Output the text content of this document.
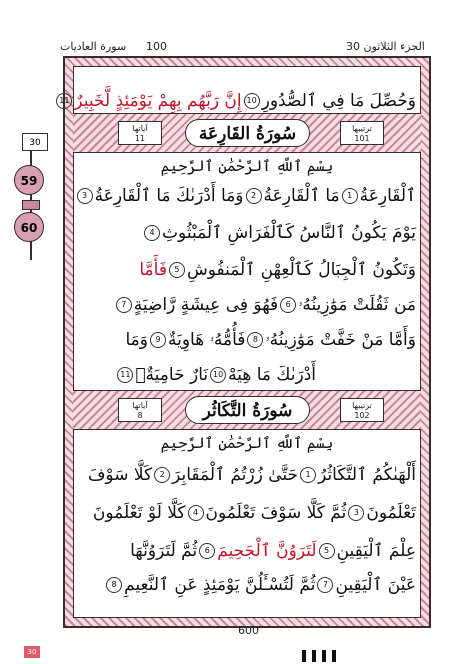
الجزء الثلاثون 30
100
سورة العاديات
30
59
60
وَحُصِّلَ مَا فِي ٱلصُّدُورِ10إِنَّ رَبَّهُم بِهِمْ يَوْمَئِذٍ لَّخَبِيرٌ11
سُورَةُ القَارِعَة
آياتها
11
ترتيبها
101
بِسْمِ ٱللَّهِ ٱلرَّحْمَٰنِ ٱلرَّحِيمِ
ٱلْقَارِعَةُ1مَا ٱلْقَارِعَةُ2وَمَا أَدْرَىٰكَ مَا ٱلْقَارِعَةُ3
يَوْمَ يَكُونُ ٱلنَّاسُ كَٱلْفَرَاشِ ٱلْمَبْثُوثِ4
وَتَكُونُ ٱلْجِبَالُ كَٱلْعِهْنِ ٱلْمَنفُوشِ5فَأَمَّا
مَن ثَقُلَتْ مَوَٰزِينُهُۥ6فَهُوَ فِى عِيشَةٍ رَّاضِيَةٍ7
وَأَمَّا مَنْ خَفَّتْ مَوَٰزِينُهُۥ8فَأُمُّهُۥ هَاوِيَةٌ9وَمَا
أَدْرَىٰكَ مَا هِيَهْ10نَارٌ حَامِيَةٌۢ11
سُورَةُ التَّكَاثُر
آياتها
8
ترتيبها
102
بِسْمِ ٱللَّهِ ٱلرَّحْمَٰنِ ٱلرَّحِيمِ
أَلْهَىٰكُمُ ٱلتَّكَاثُرُ1حَتَّىٰ زُرْتُمُ ٱلْمَقَابِرَ2كَلَّا سَوْفَ
تَعْلَمُونَ3ثُمَّ كَلَّا سَوْفَ تَعْلَمُونَ4كَلَّا لَوْ تَعْلَمُونَ
عِلْمَ ٱلْيَقِينِ5لَتَرَوُنَّ ٱلْجَحِيمَ6ثُمَّ لَتَرَوُنَّهَا
عَيْنَ ٱلْيَقِينِ7ثُمَّ لَتُسْـَٔلُنَّ يَوْمَئِذٍ عَنِ ٱلنَّعِيمِ8
600
30
